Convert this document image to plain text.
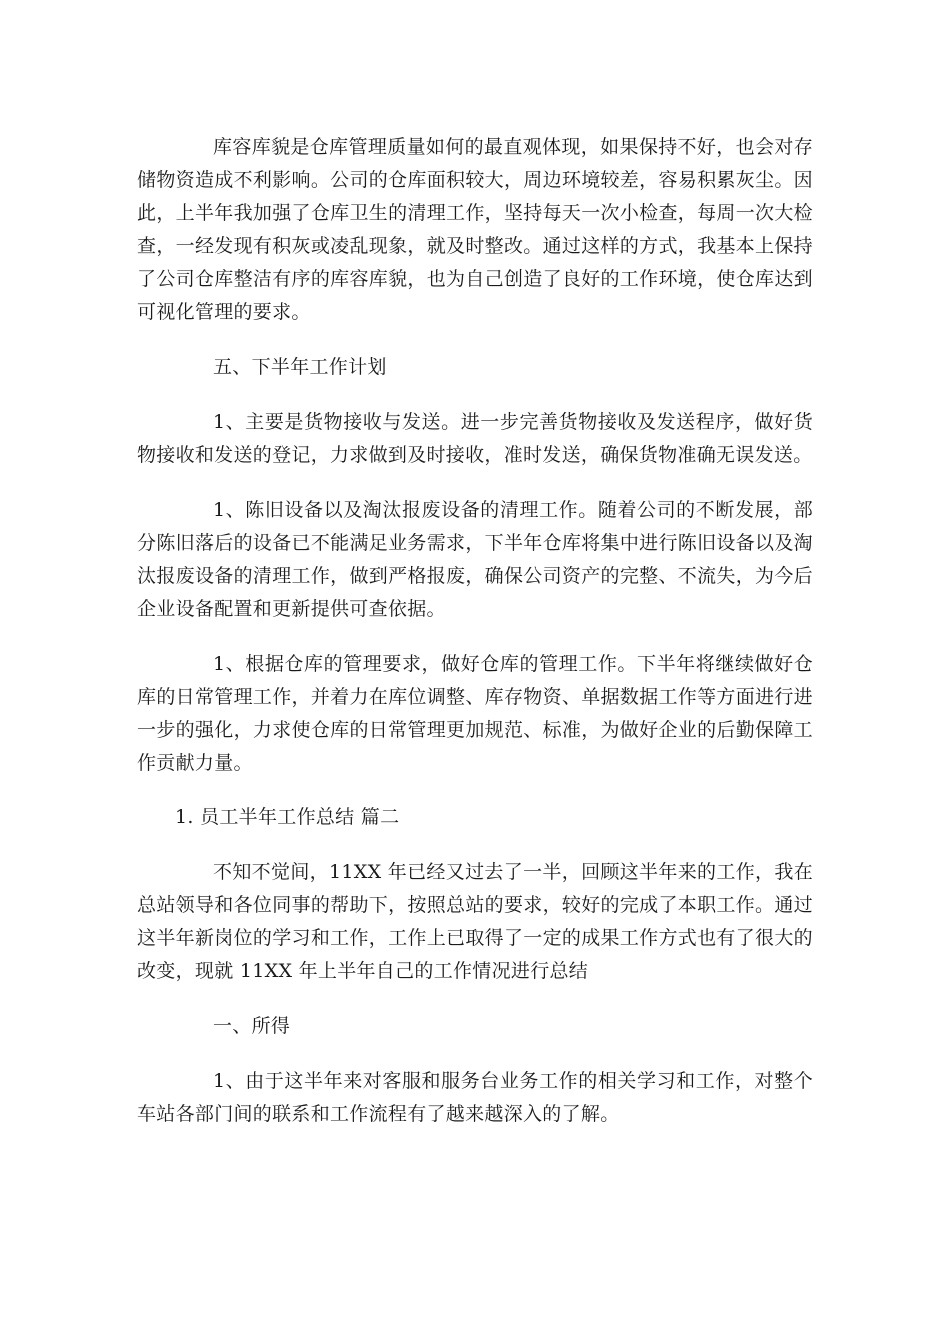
库容库貌是仓库管理质量如何的最直观体现，如果保持不好，也会对存储物资造成不利影响。公司的仓库面积较大，周边环境较差，容易积累灰尘。因此，上半年我加强了仓库卫生的清理工作，坚持每天一次小检查，每周一次大检查，一经发现有积灰或凌乱现象，就及时整改。通过这样的方式，我基本上保持了公司仓库整洁有序的库容库貌，也为自己创造了良好的工作环境，使仓库达到可视化管理的要求。

五、下半年工作计划

1、主要是货物接收与发送。进一步完善货物接收及发送程序，做好货物接收和发送的登记，力求做到及时接收，准时发送，确保货物准确无误发送。

1、陈旧设备以及淘汰报废设备的清理工作。随着公司的不断发展，部分陈旧落后的设备已不能满足业务需求，下半年仓库将集中进行陈旧设备以及淘汰报废设备的清理工作，做到严格报废，确保公司资产的完整、不流失，为今后企业设备配置和更新提供可查依据。

1、根据仓库的管理要求，做好仓库的管理工作。下半年将继续做好仓库的日常管理工作，并着力在库位调整、库存物资、单据数据工作等方面进行进一步的强化，力求使仓库的日常管理更加规范、标准，为做好企业的后勤保障工作贡献力量。

1. 员工半年工作总结 篇二

不知不觉间，11XX 年已经又过去了一半，回顾这半年来的工作，我在总站领导和各位同事的帮助下，按照总站的要求，较好的完成了本职工作。通过这半年新岗位的学习和工作，工作上已取得了一定的成果工作方式也有了很大的改变，现就 11XX 年上半年自己的工作情况进行总结

一、所得

1、由于这半年来对客服和服务台业务工作的相关学习和工作，对整个车站各部门间的联系和工作流程有了越来越深入的了解。
